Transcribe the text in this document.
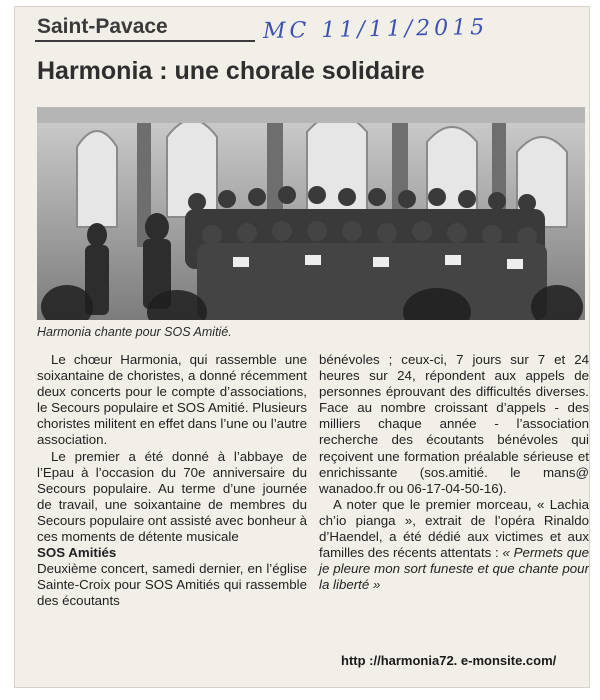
Saint-Pavace	MC 11/11/2015
Harmonia : une chorale solidaire
Harmonia chante pour SOS Amitié.

Le chœur Harmonia, qui rassemble une soixantaine de choristes, a donné récemment deux concerts pour le compte d’associations, le Secours populaire et SOS Amitié. Plusieurs choristes militent en effet dans l’une ou l’autre association.

Le premier a été donné à l’abbaye de l’Epau à l’occasion du 70e anniversaire du Secours populaire. Au terme d’une journée de travail, une soixantaine de membres du Secours populaire ont assisté avec bonheur à ces moments de détente musicale

SOS Amitiés

Deuxième concert, samedi dernier, en l’église Sainte-Croix pour SOS Amitiés qui rassemble des écoutants

bénévoles ; ceux-ci, 7 jours sur 7 et 24 heures sur 24, répondent aux appels de personnes éprouvant des difficultés diverses. Face au nombre croissant d’appels - des milliers chaque année - l’association recherche des écoutants bénévoles qui reçoivent une formation préalable sérieuse et enrichissante (sos.amitié. le mans@ wanadoo.fr ou 06-17-04-50-16).

A noter que le premier morceau, « Lachia ch’io pianga », extrait de l’opéra Rinaldo d’Haendel, a été dédié aux victimes et aux familles des récents attentats : « Permets que je pleure mon sort funeste et que chante pour la liberté »

http ://harmonia72. e-monsite.com/
